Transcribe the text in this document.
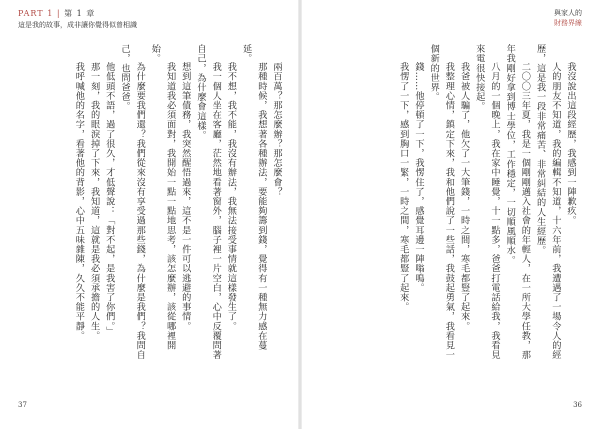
PART 1 | 第 1 章
這是我的故事，成非讓你覺得似曾相識

兩百萬？那怎麼辦？那怎麼會？

那種時候，我想著各種辦法，要能夠籌到錢，覺得有一種無力感在蔓延。

我不想，我不能，我沒有辦法，我無法接受事情就這樣發生了。

我一個人坐在客廳，茫然地看著窗外，腦子裡一片空白，心中反覆問著自己，為什麼會這樣。

想到這筆債務，我突然醒悟過來，這不是一件可以逃避的事情。

我知道我必須面對，我開始一點一點地思考，該怎麼辦，該從哪裡開始。

為什麼要我們還？我們從來沒有享受過那些錢，為什麼是我們？我問自己，也問爸爸。

他低頭不語，過了很久，才低聲說：「對不起，是我害了你們。」

那一刻，我的眼淚掉了下來，我知道，這就是我必須承擔的人生。

我呼喊他的名字，看著他的背影，心中五味雜陳，久久不能平靜。

37
與家人的
財務界線

我沒說出這段經歷，我感到一陣歉疚。

人的朋友不知道，我的編輯不知道，十六年前，我遭遇了一場令人的經歷，這是我一段非常痛苦、非常糾結的人生經歷。

二〇〇三年夏，我是一個剛剛邁入社會的年輕人，在一所大學任教，那年我剛好拿到博士學位，工作穩定，一切順風順水。

八月的一個晚上，我在家中睡覺，十一點多，爸爸打電話給我，我看見來電很快接起。

我爸被人騙了，他欠了一大筆錢，一時之間，寒毛都豎了起來。

我整理心情，鎮定下來，我和他們說了一些話，我鼓起勇氣，我看見一個新的世界。

錢……他停頓了一下，我愣住了，感覺耳邊一陣嗡鳴。

我愣了一下，感到胸口一緊，一時之間，寒毛都豎了起來。

36
